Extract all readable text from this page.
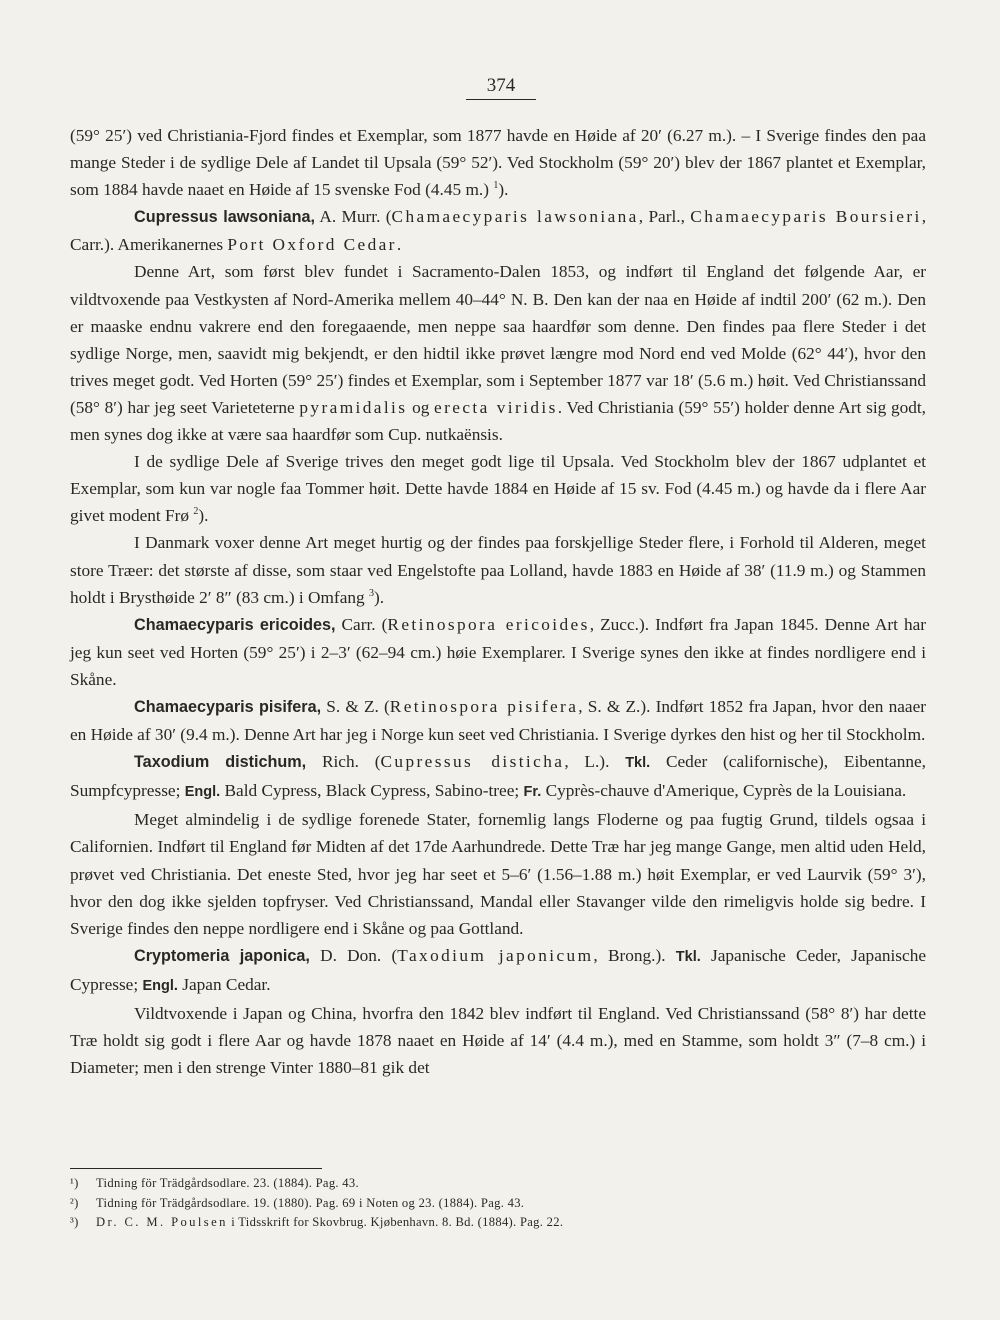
374

(59° 25′) ved Christiania-Fjord findes et Exemplar, som 1877 havde en Høide af 20′ (6.27 m.). – I Sverige findes den paa mange Steder i de sydlige Dele af Landet til Upsala (59° 52′). Ved Stockholm (59° 20′) blev der 1867 plantet et Exemplar, som 1884 havde naaet en Høide af 15 svenske Fod (4.45 m.) $^1$).

Cupressus lawsoniana, A. Murr. (Chamaecyparis lawsoniana, Parl., Chamaecyparis Boursieri, Carr.). Amerikanernes Port Oxford Cedar.

Denne Art, som først blev fundet i Sacramento-Dalen 1853, og indført til England det følgende Aar, er vildtvoxende paa Vestkysten af Nord-Amerika mellem 40–44° N. B. Den kan der naa en Høide af indtil 200′ (62 m.). Den er maaske endnu vakrere end den foregaaende, men neppe saa haardfør som denne. Den findes paa flere Steder i det sydlige Norge, men, saavidt mig bekjendt, er den hidtil ikke prøvet længre mod Nord end ved Molde (62° 44′), hvor den trives meget godt. Ved Horten (59° 25′) findes et Exemplar, som i September 1877 var 18′ (5.6 m.) høit. Ved Christianssand (58° 8′) har jeg seet Varieteterne pyramidalis og erecta viridis. Ved Christiania (59° 55′) holder denne Art sig godt, men synes dog ikke at være saa haardfør som Cup. nutkaënsis.

I de sydlige Dele af Sverige trives den meget godt lige til Upsala. Ved Stockholm blev der 1867 udplantet et Exemplar, som kun var nogle faa Tommer høit. Dette havde 1884 en Høide af 15 sv. Fod (4.45 m.) og havde da i flere Aar givet modent Frø $^2$).

I Danmark voxer denne Art meget hurtig og der findes paa forskjellige Steder flere, i Forhold til Alderen, meget store Træer: det største af disse, som staar ved Engelstofte paa Lolland, havde 1883 en Høide af 38′ (11.9 m.) og Stammen holdt i Brysthøide 2′ 8″ (83 cm.) i Omfang $^3$).

Chamaecyparis ericoides, Carr. (Retinospora ericoides, Zucc.). Indført fra Japan 1845. Denne Art har jeg kun seet ved Horten (59° 25′) i 2–3′ (62–94 cm.) høie Exemplarer. I Sverige synes den ikke at findes nordligere end i Skåne.

Chamaecyparis pisifera, S. & Z. (Retinospora pisifera, S. & Z.). Indført 1852 fra Japan, hvor den naaer en Høide af 30′ (9.4 m.). Denne Art har jeg i Norge kun seet ved Christiania. I Sverige dyrkes den hist og her til Stockholm.

Taxodium distichum, Rich. (Cupressus disticha, L.). Tkl. Ceder (californische), Eibentanne, Sumpfcypresse; Engl. Bald Cypress, Black Cypress, Sabino-tree; Fr. Cyprès-chauve d'Amerique, Cyprès de la Louisiana.

Meget almindelig i de sydlige forenede Stater, fornemlig langs Floderne og paa fugtig Grund, tildels ogsaa i Californien. Indført til England før Midten af det 17de Aarhundrede. Dette Træ har jeg mange Gange, men altid uden Held, prøvet ved Christiania. Det eneste Sted, hvor jeg har seet et 5–6′ (1.56–1.88 m.) høit Exemplar, er ved Laurvik (59° 3′), hvor den dog ikke sjelden topfryser. Ved Christianssand, Mandal eller Stavanger vilde den rimeligvis holde sig bedre. I Sverige findes den neppe nordligere end i Skåne og paa Gottland.

Cryptomeria japonica, D. Don. (Taxodium japonicum, Brong.). Tkl. Japanische Ceder, Japanische Cypresse; Engl. Japan Cedar.

Vildtvoxende i Japan og China, hvorfra den 1842 blev indført til England. Ved Christianssand (58° 8′) har dette Træ holdt sig godt i flere Aar og havde 1878 naaet en Høide af 14′ (4.4 m.), med en Stamme, som holdt 3″ (7–8 cm.) i Diameter; men i den strenge Vinter 1880–81 gik det

¹)	Tidning för Trädgårdsodlare. 23. (1884). Pag. 43.
²)	Tidning för Trädgårdsodlare. 19. (1880). Pag. 69 i Noten og 23. (1884). Pag. 43.
³)	Dr. C. M. Poulsen i Tidsskrift for Skovbrug. Kjøbenhavn. 8. Bd. (1884). Pag. 22.
